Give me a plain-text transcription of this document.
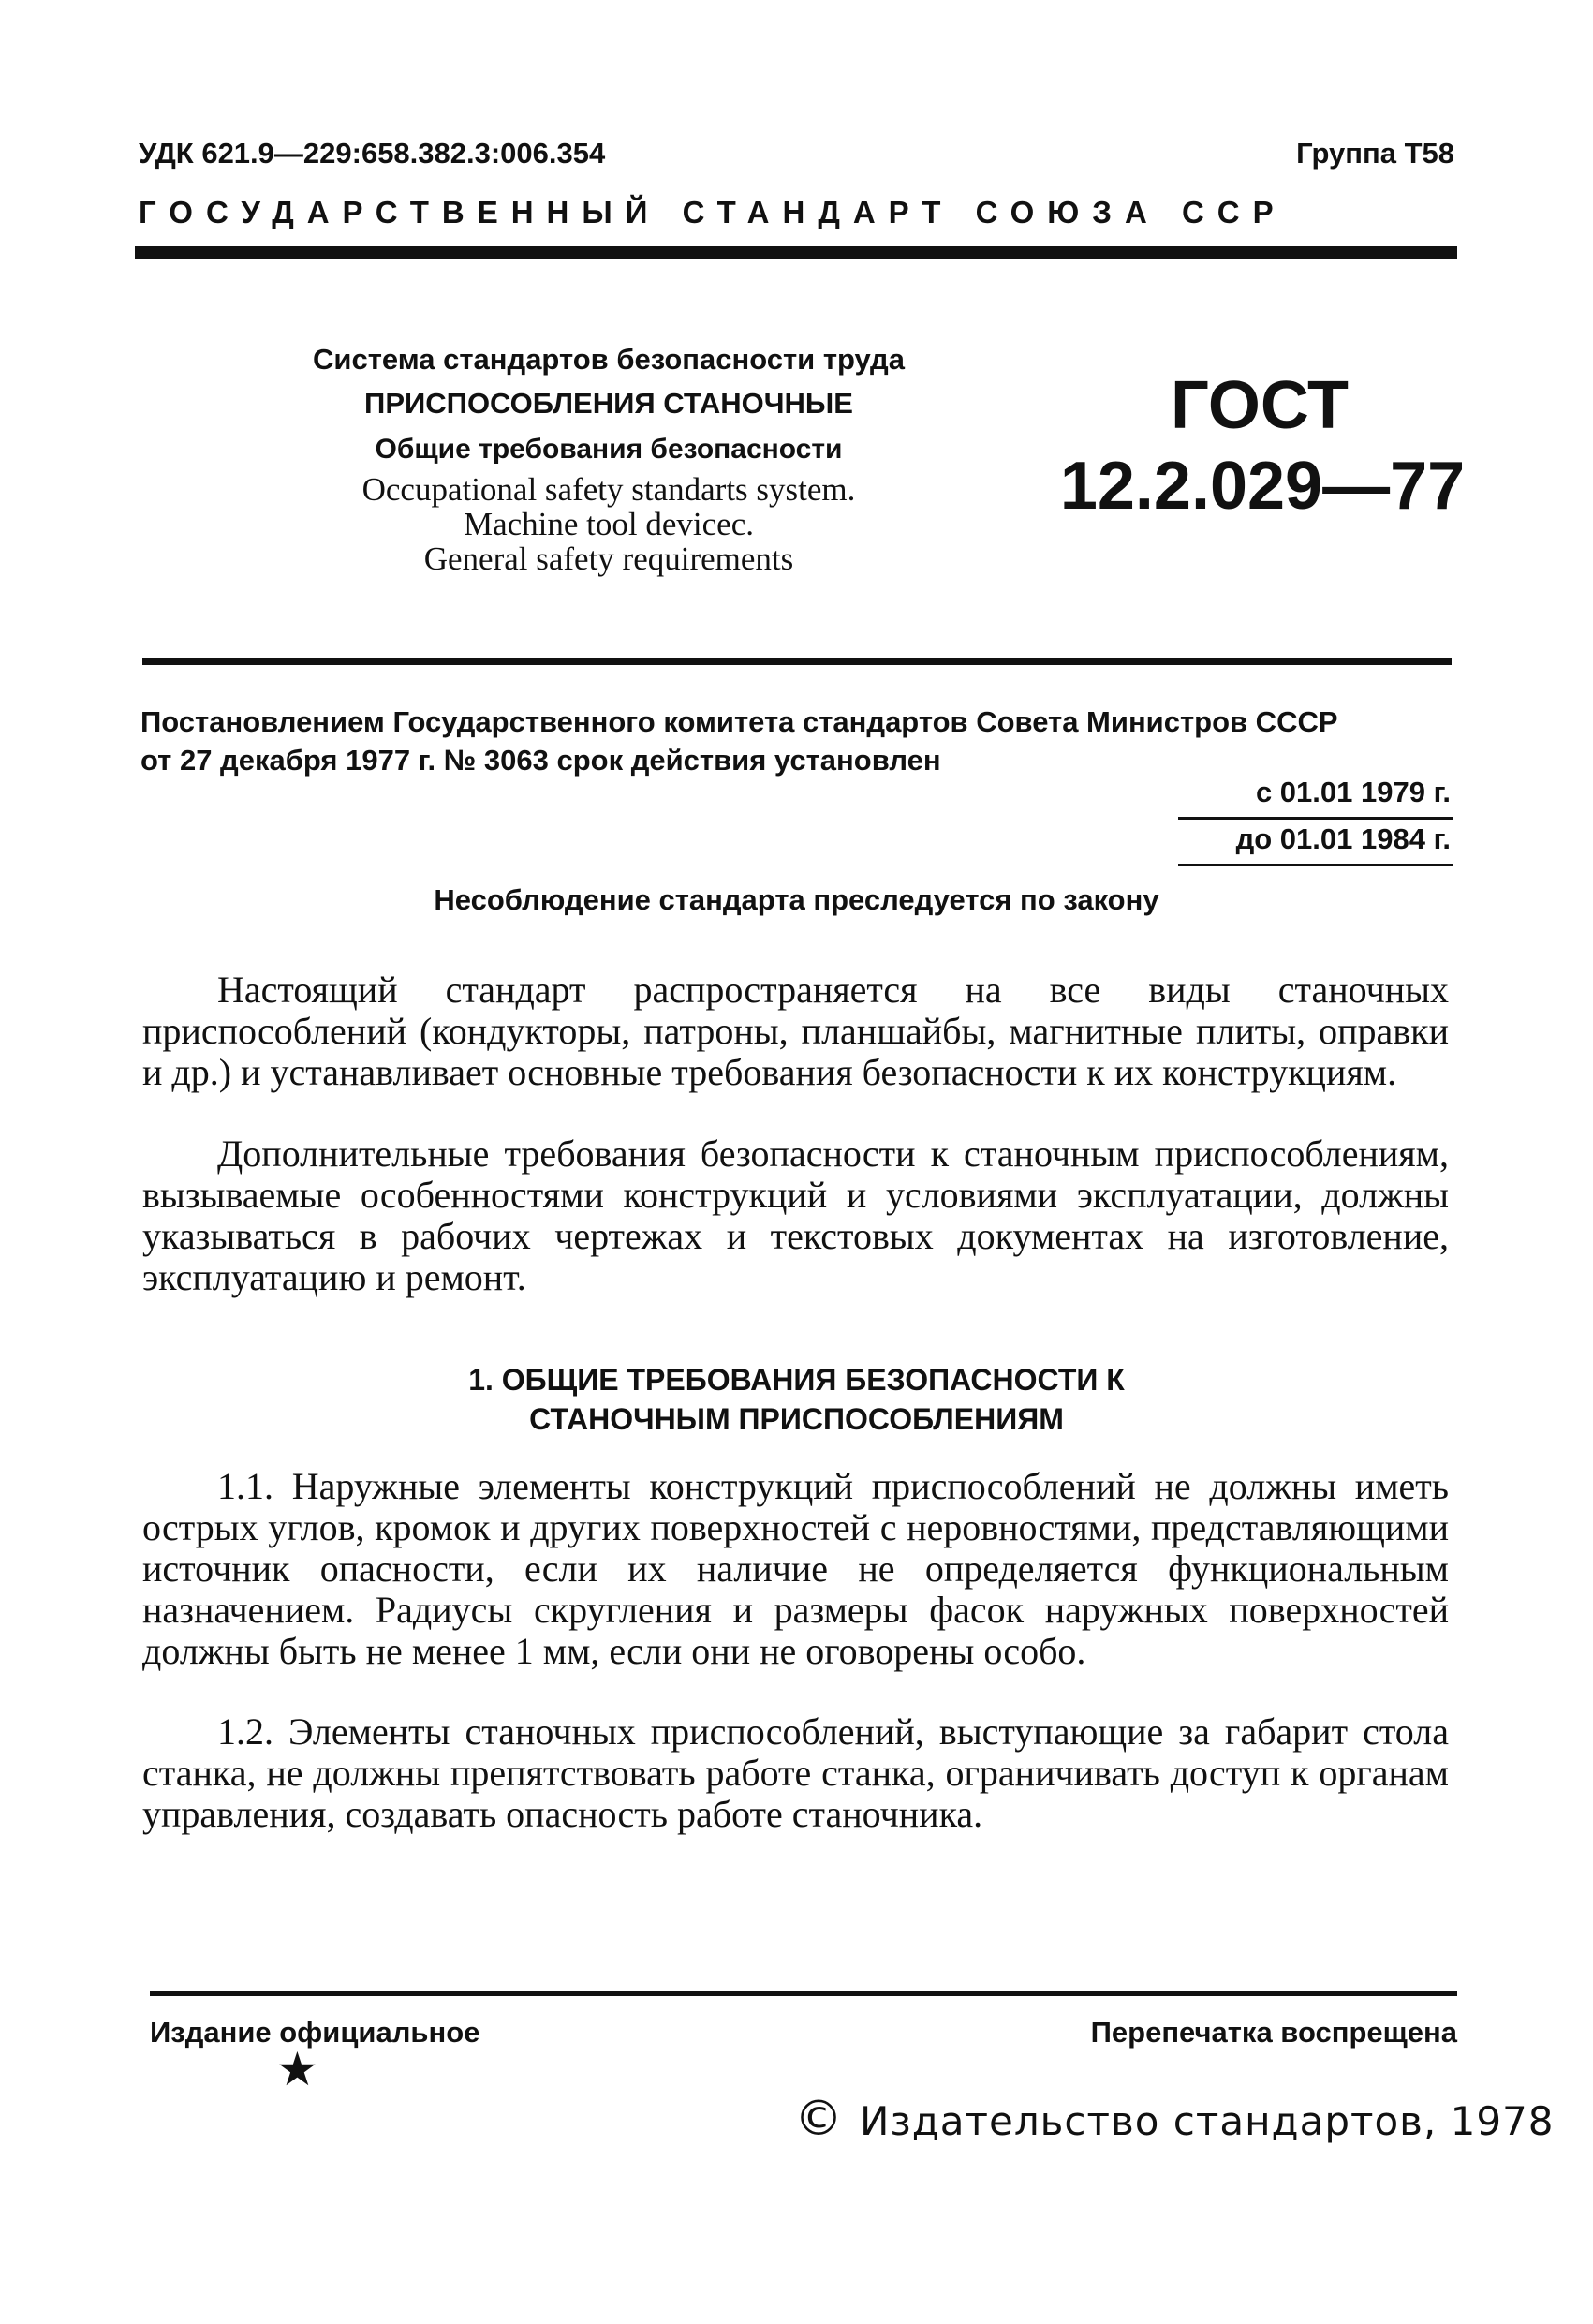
УДК 621.9—229:658.382.3:006.354	Группа Т58
ГОСУДАРСТВЕННЫЙ СТАНДАРТ СОЮЗА ССР
Система стандартов безопасности труда
ПРИСПОСОБЛЕНИЯ СТАНОЧНЫЕ
Общие требования безопасности
Occupational safety standarts system.
Machine tool devicec.
General safety requirements
ГОСТ
12.2.029—77
Постановлением Государственного комитета стандартов Совета Министров СССР
от 27 декабря 1977 г. № 3063 срок действия установлен
с 01.01 1979 г.
до 01.01 1984 г.
Несоблюдение стандарта преследуется по закону

Настоящий стандарт распространяется на все виды станочных приспособлений (кондукторы, патроны, планшайбы, магнитные плиты, оправки и др.) и устанавливает основные требования безопасности к их конструкциям.

Дополнительные требования безопасности к станочным приспособлениям, вызываемые особенностями конструкций и условиями эксплуатации, должны указываться в рабочих чертежах и текстовых документах на изготовление, эксплуатацию и ремонт.

1. ОБЩИЕ ТРЕБОВАНИЯ БЕЗОПАСНОСТИ К
СТАНОЧНЫМ ПРИСПОСОБЛЕНИЯМ

1.1. Наружные элементы конструкций приспособлений не должны иметь острых углов, кромок и других поверхностей с неровностями, представляющими источник опасности, если их наличие не определяется функциональным назначением. Радиусы скругления и размеры фасок наружных поверхностей должны быть не менее 1 мм, если они не оговорены особо.

1.2. Элементы станочных приспособлений, выступающие за габарит стола станка, не должны препятствовать работе станка, ограничивать доступ к органам управления, создавать опасность работе станочника.

Издание официальное
★
Перепечатка воспрещена
© Издательство стандартов, 1978
